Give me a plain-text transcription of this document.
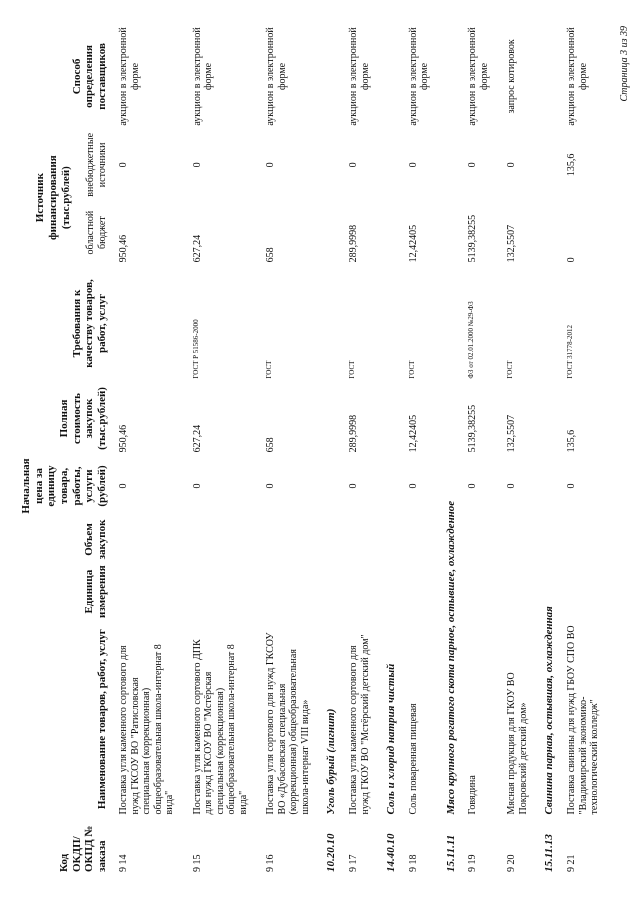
Код ОКДП/ ОКПД № заказа	Наименование товаров, работ, услуг	Единица измерения	Объем закупок	Начальная цена за единицу товара, работы, услуги (рублей)	Полная стоимость закупок (тыс.рублей)	Требования к качеству товаров, работ, услуг	Источник финансирования (тыс.рублей)		Способ определения поставщиков
							областной бюджет	внебюджетные источники	
9 14	Поставка угля каменного сортового для нужд ГКСОУ ВО "Ратисловская специальная (коррекционная) общеобразовательная школа-интернат 8 вида"			0	950,46		950,46	0	аукцион в электронной форме
9 15	Поставка угля каменного сортового ДПК для нужд ГКСОУ ВО "Мстёрская специальная (коррекционная) общеобразовательная школа-интернат 8 вида"			0	627,24	ГОСТ Р 51586-2000	627,24	0	аукцион в электронной форме
9 16	Поставка угля сортового для нужд ГКСОУ ВО «Дубасовская специальная (коррекционная) общеобразовательная школа-интернат VIII вида»			0	658	ГОСТ	658	0	аукцион в электронной форме
10.20.10	Уголь бурый (лигнит)								
9 17	Поставка угля каменного сортового для нужд ГКОУ ВО "Мстёрский детский дом"			0	289,9998	ГОСТ	289,9998	0	аукцион в электронной форме
14.40.10	Соль и хлорид натрия чистый								
9 18	Соль поваренная пищевая			0	12,42405	ГОСТ	12,42405	0	аукцион в электронной форме
15.11.11	Мясо крупного рогатого скота парное, остывшее, охлажденное								
9 19	Говядина			0	5139,38255	ФЗ от 02.01.2000 №29-ФЗ	5139,38255	0	аукцион в электронной форме
9 20	Мясная продукция для ГКОУ ВО Покровский детский дом»			0	132,5507	ГОСТ	132,5507	0	запрос котировок
15.11.13	Свинина парная, остывшая, охлажденная								
9 21	Поставка свинины для нужд ГБОУ СПО ВО "Владимирский экономико-технологический колледж"			0	135,6	ГОСТ 31778-2012	0	135,6	аукцион в электронной форме	Страница 3 из 39
